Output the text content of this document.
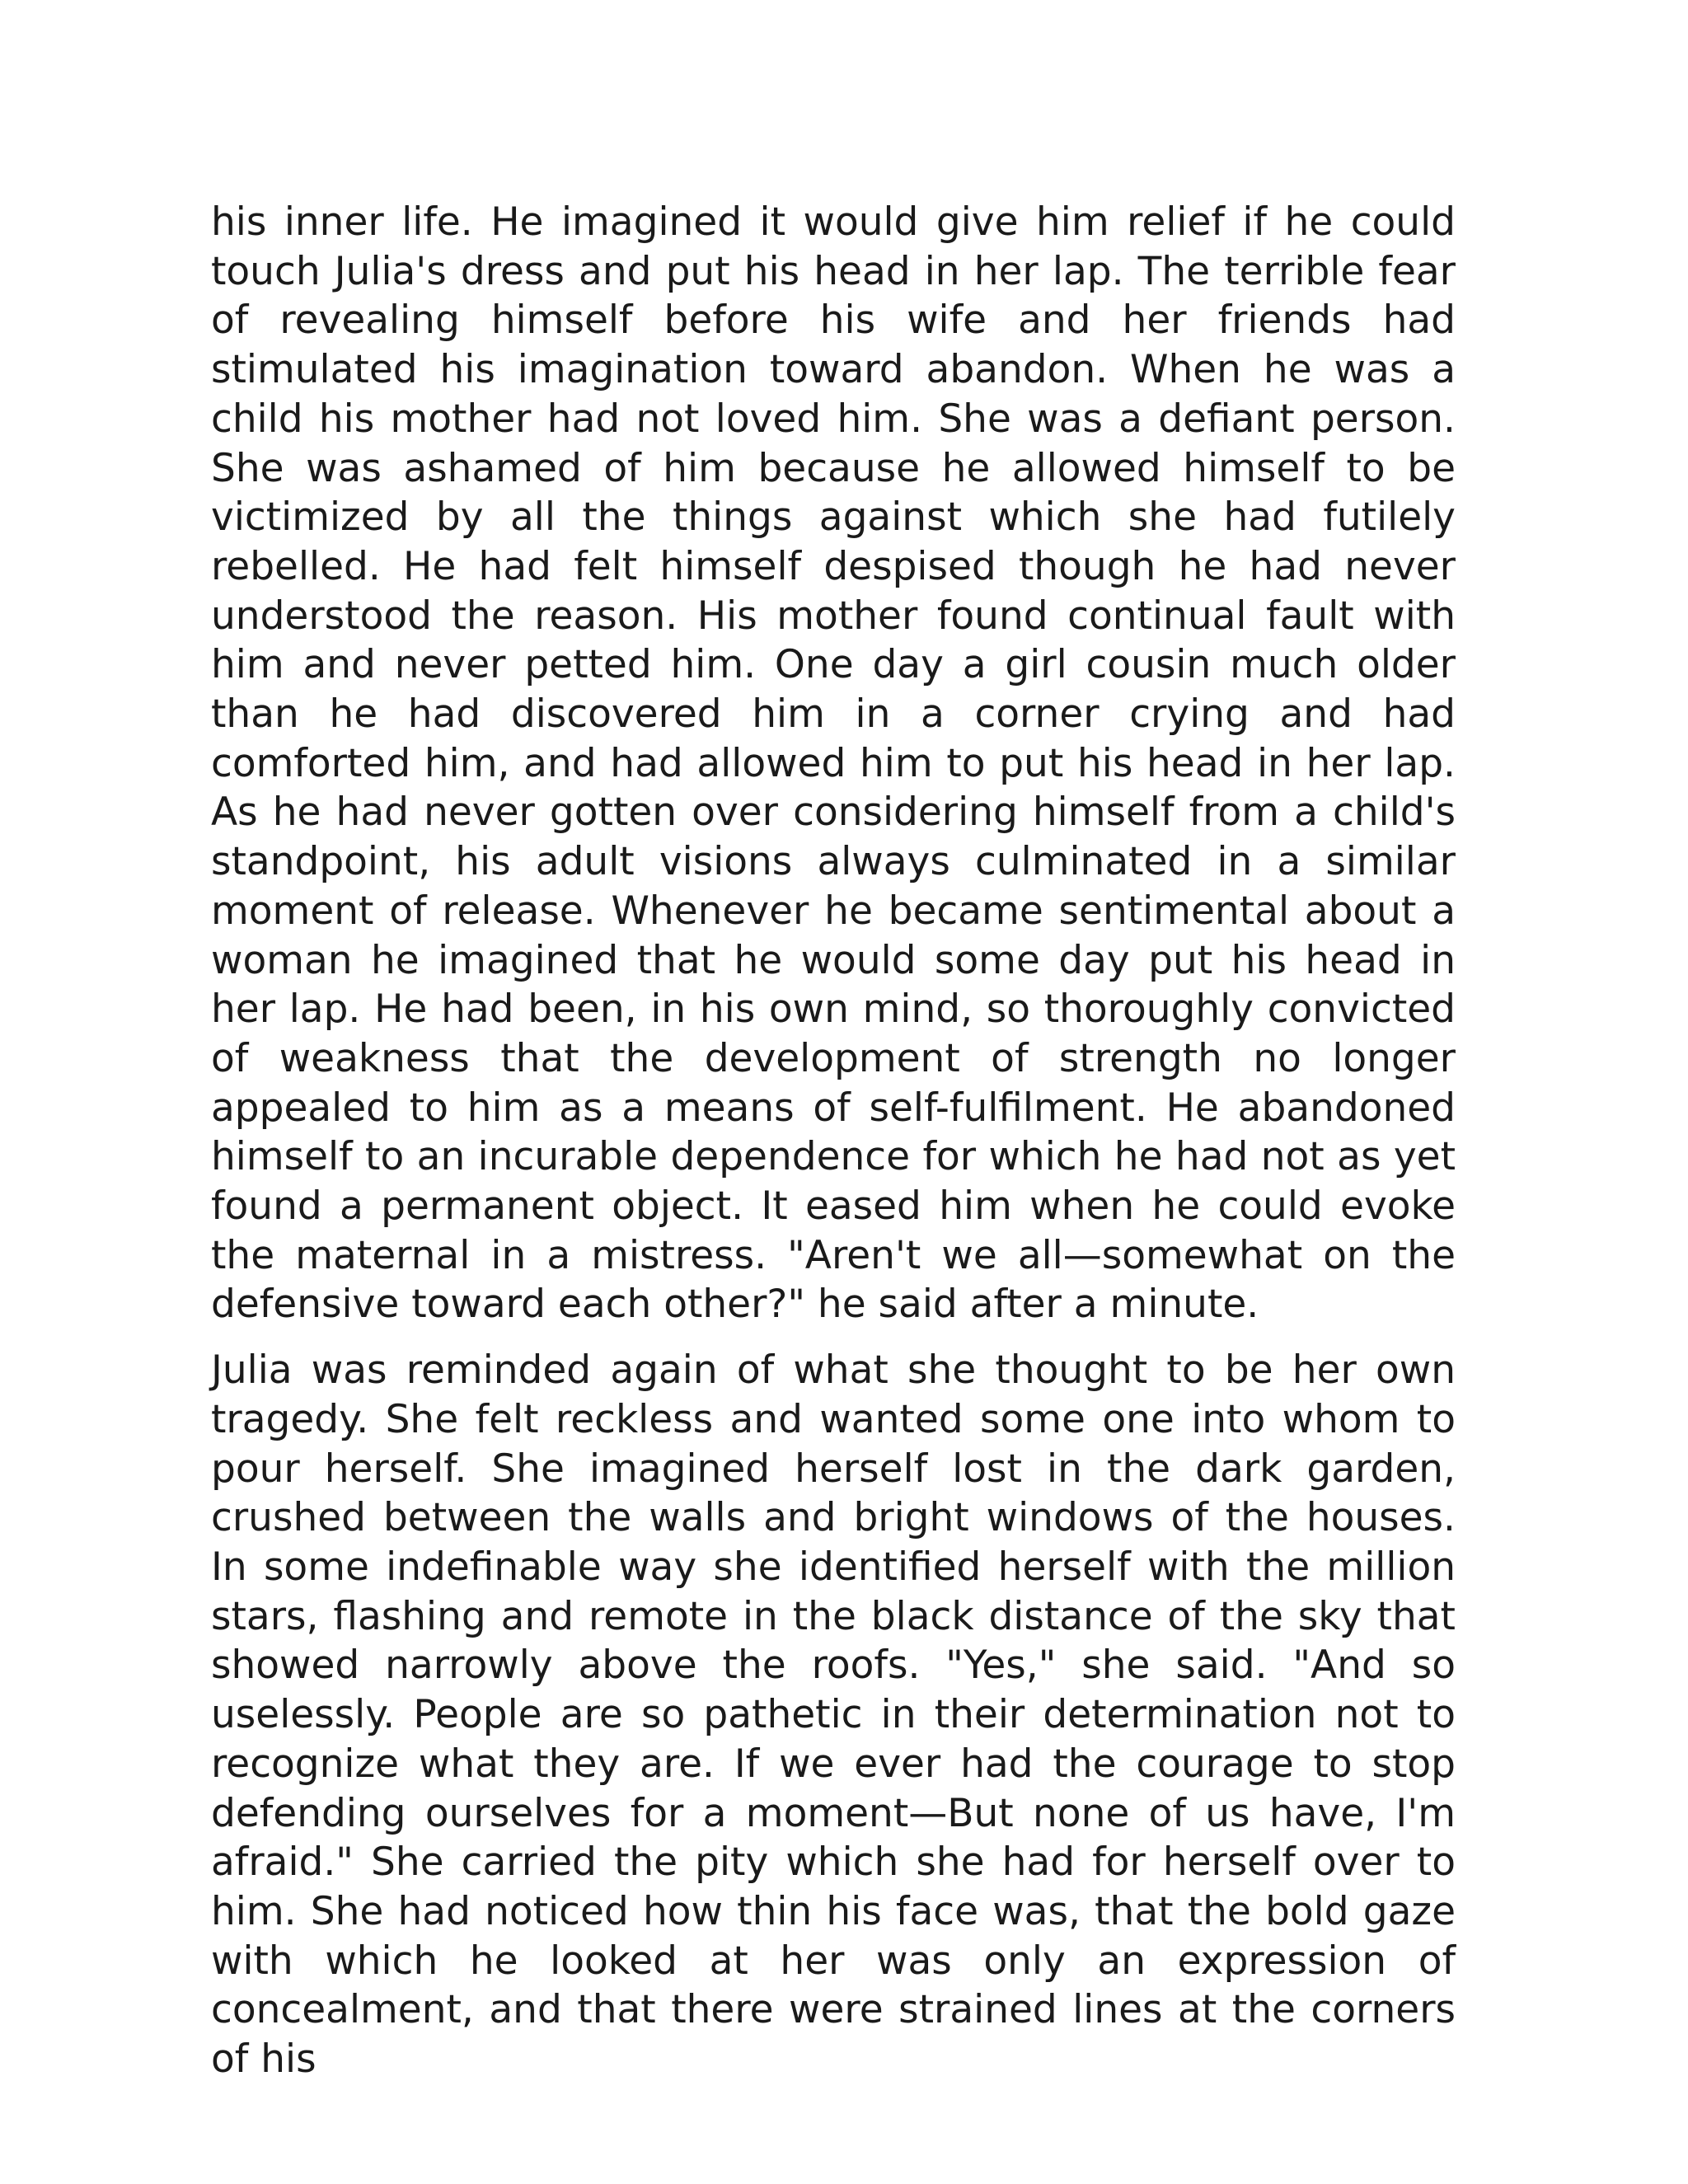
his inner life. He imagined it would give him relief if he could touch Julia's dress and put his head in her lap. The terrible fear of revealing himself before his wife and her friends had stimulated his imagination toward abandon. When he was a child his mother had not loved him. She was a defiant person. She was ashamed of him because he allowed himself to be victimized by all the things against which she had futilely rebelled. He had felt himself despised though he had never understood the reason. His mother found continual fault with him and never petted him. One day a girl cousin much older than he had discovered him in a corner crying and had comforted him, and had allowed him to put his head in her lap. As he had never gotten over considering himself from a child's standpoint, his adult visions always culminated in a similar moment of release. Whenever he became sentimental about a woman he imagined that he would some day put his head in her lap. He had been, in his own mind, so thoroughly convicted of weakness that the development of strength no longer appealed to him as a means of self-fulfilment. He abandoned himself to an incurable dependence for which he had not as yet found a permanent object. It eased him when he could evoke the maternal in a mistress. "Aren't we all—somewhat on the defensive toward each other?" he said after a minute.

Julia was reminded again of what she thought to be her own tragedy. She felt reckless and wanted some one into whom to pour herself. She imagined herself lost in the dark garden, crushed between the walls and bright windows of the houses. In some indefinable way she identified herself with the million stars, flashing and remote in the black distance of the sky that showed narrowly above the roofs. "Yes," she said. "And so uselessly. People are so pathetic in their determination not to recognize what they are. If we ever had the courage to stop defending ourselves for a moment—But none of us have, I'm afraid." She carried the pity which she had for herself over to him. She had noticed how thin his face was, that the bold gaze with which he looked at her was only an expression of concealment, and that there were strained lines at the corners of his
